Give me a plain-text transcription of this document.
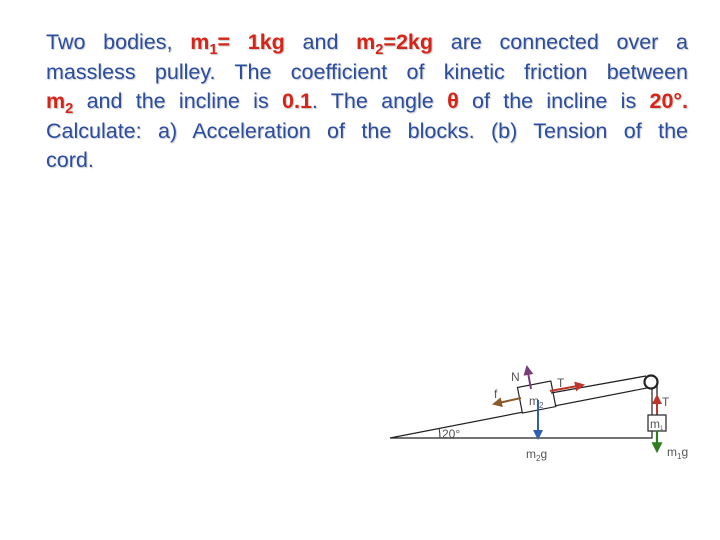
Two bodies, $m_1= 1kg$ and $m_2=2kg$ are connected over a
massless pulley. The coefficient of kinetic friction between
$m_2$ and the incline is 0.1. The angle θ of the incline is 20°.
Calculate: a) Acceleration of the blocks. (b) Tension of the
cord.
20°
$m_2$
m1
N
f
T
T
$m_2g$	$m_1g$
